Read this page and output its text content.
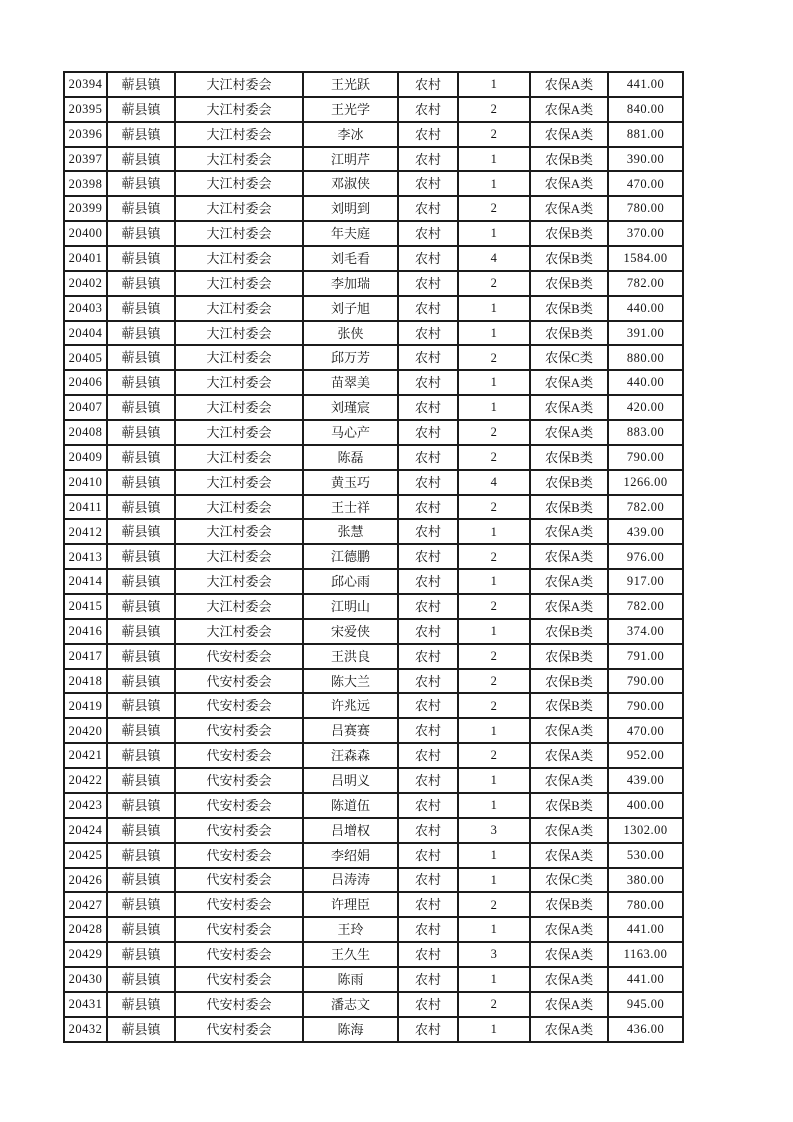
20394	蕲县镇	大江村委会	王光跃	农村	1	农保A类	441.00
20395	蕲县镇	大江村委会	王光学	农村	2	农保A类	840.00
20396	蕲县镇	大江村委会	李冰	农村	2	农保A类	881.00
20397	蕲县镇	大江村委会	江明芹	农村	1	农保B类	390.00
20398	蕲县镇	大江村委会	邓淑侠	农村	1	农保A类	470.00
20399	蕲县镇	大江村委会	刘明到	农村	2	农保A类	780.00
20400	蕲县镇	大江村委会	年夫庭	农村	1	农保B类	370.00
20401	蕲县镇	大江村委会	刘毛看	农村	4	农保B类	1584.00
20402	蕲县镇	大江村委会	李加瑞	农村	2	农保B类	782.00
20403	蕲县镇	大江村委会	刘子旭	农村	1	农保B类	440.00
20404	蕲县镇	大江村委会	张侠	农村	1	农保B类	391.00
20405	蕲县镇	大江村委会	邱万芳	农村	2	农保C类	880.00
20406	蕲县镇	大江村委会	苗翠美	农村	1	农保A类	440.00
20407	蕲县镇	大江村委会	刘瑾宸	农村	1	农保A类	420.00
20408	蕲县镇	大江村委会	马心产	农村	2	农保A类	883.00
20409	蕲县镇	大江村委会	陈磊	农村	2	农保B类	790.00
20410	蕲县镇	大江村委会	黄玉巧	农村	4	农保B类	1266.00
20411	蕲县镇	大江村委会	王士祥	农村	2	农保B类	782.00
20412	蕲县镇	大江村委会	张慧	农村	1	农保A类	439.00
20413	蕲县镇	大江村委会	江德鹏	农村	2	农保A类	976.00
20414	蕲县镇	大江村委会	邱心雨	农村	1	农保A类	917.00
20415	蕲县镇	大江村委会	江明山	农村	2	农保A类	782.00
20416	蕲县镇	大江村委会	宋爱侠	农村	1	农保B类	374.00
20417	蕲县镇	代安村委会	王洪良	农村	2	农保B类	791.00
20418	蕲县镇	代安村委会	陈大兰	农村	2	农保B类	790.00
20419	蕲县镇	代安村委会	许兆远	农村	2	农保B类	790.00
20420	蕲县镇	代安村委会	吕赛赛	农村	1	农保A类	470.00
20421	蕲县镇	代安村委会	汪森森	农村	2	农保A类	952.00
20422	蕲县镇	代安村委会	吕明义	农村	1	农保A类	439.00
20423	蕲县镇	代安村委会	陈道伍	农村	1	农保B类	400.00
20424	蕲县镇	代安村委会	吕增权	农村	3	农保A类	1302.00
20425	蕲县镇	代安村委会	李绍娟	农村	1	农保A类	530.00
20426	蕲县镇	代安村委会	吕涛涛	农村	1	农保C类	380.00
20427	蕲县镇	代安村委会	许理臣	农村	2	农保B类	780.00
20428	蕲县镇	代安村委会	王玲	农村	1	农保A类	441.00
20429	蕲县镇	代安村委会	王久生	农村	3	农保A类	1163.00
20430	蕲县镇	代安村委会	陈雨	农村	1	农保A类	441.00
20431	蕲县镇	代安村委会	潘志文	农村	2	农保A类	945.00
20432	蕲县镇	代安村委会	陈海	农村	1	农保A类	436.00
